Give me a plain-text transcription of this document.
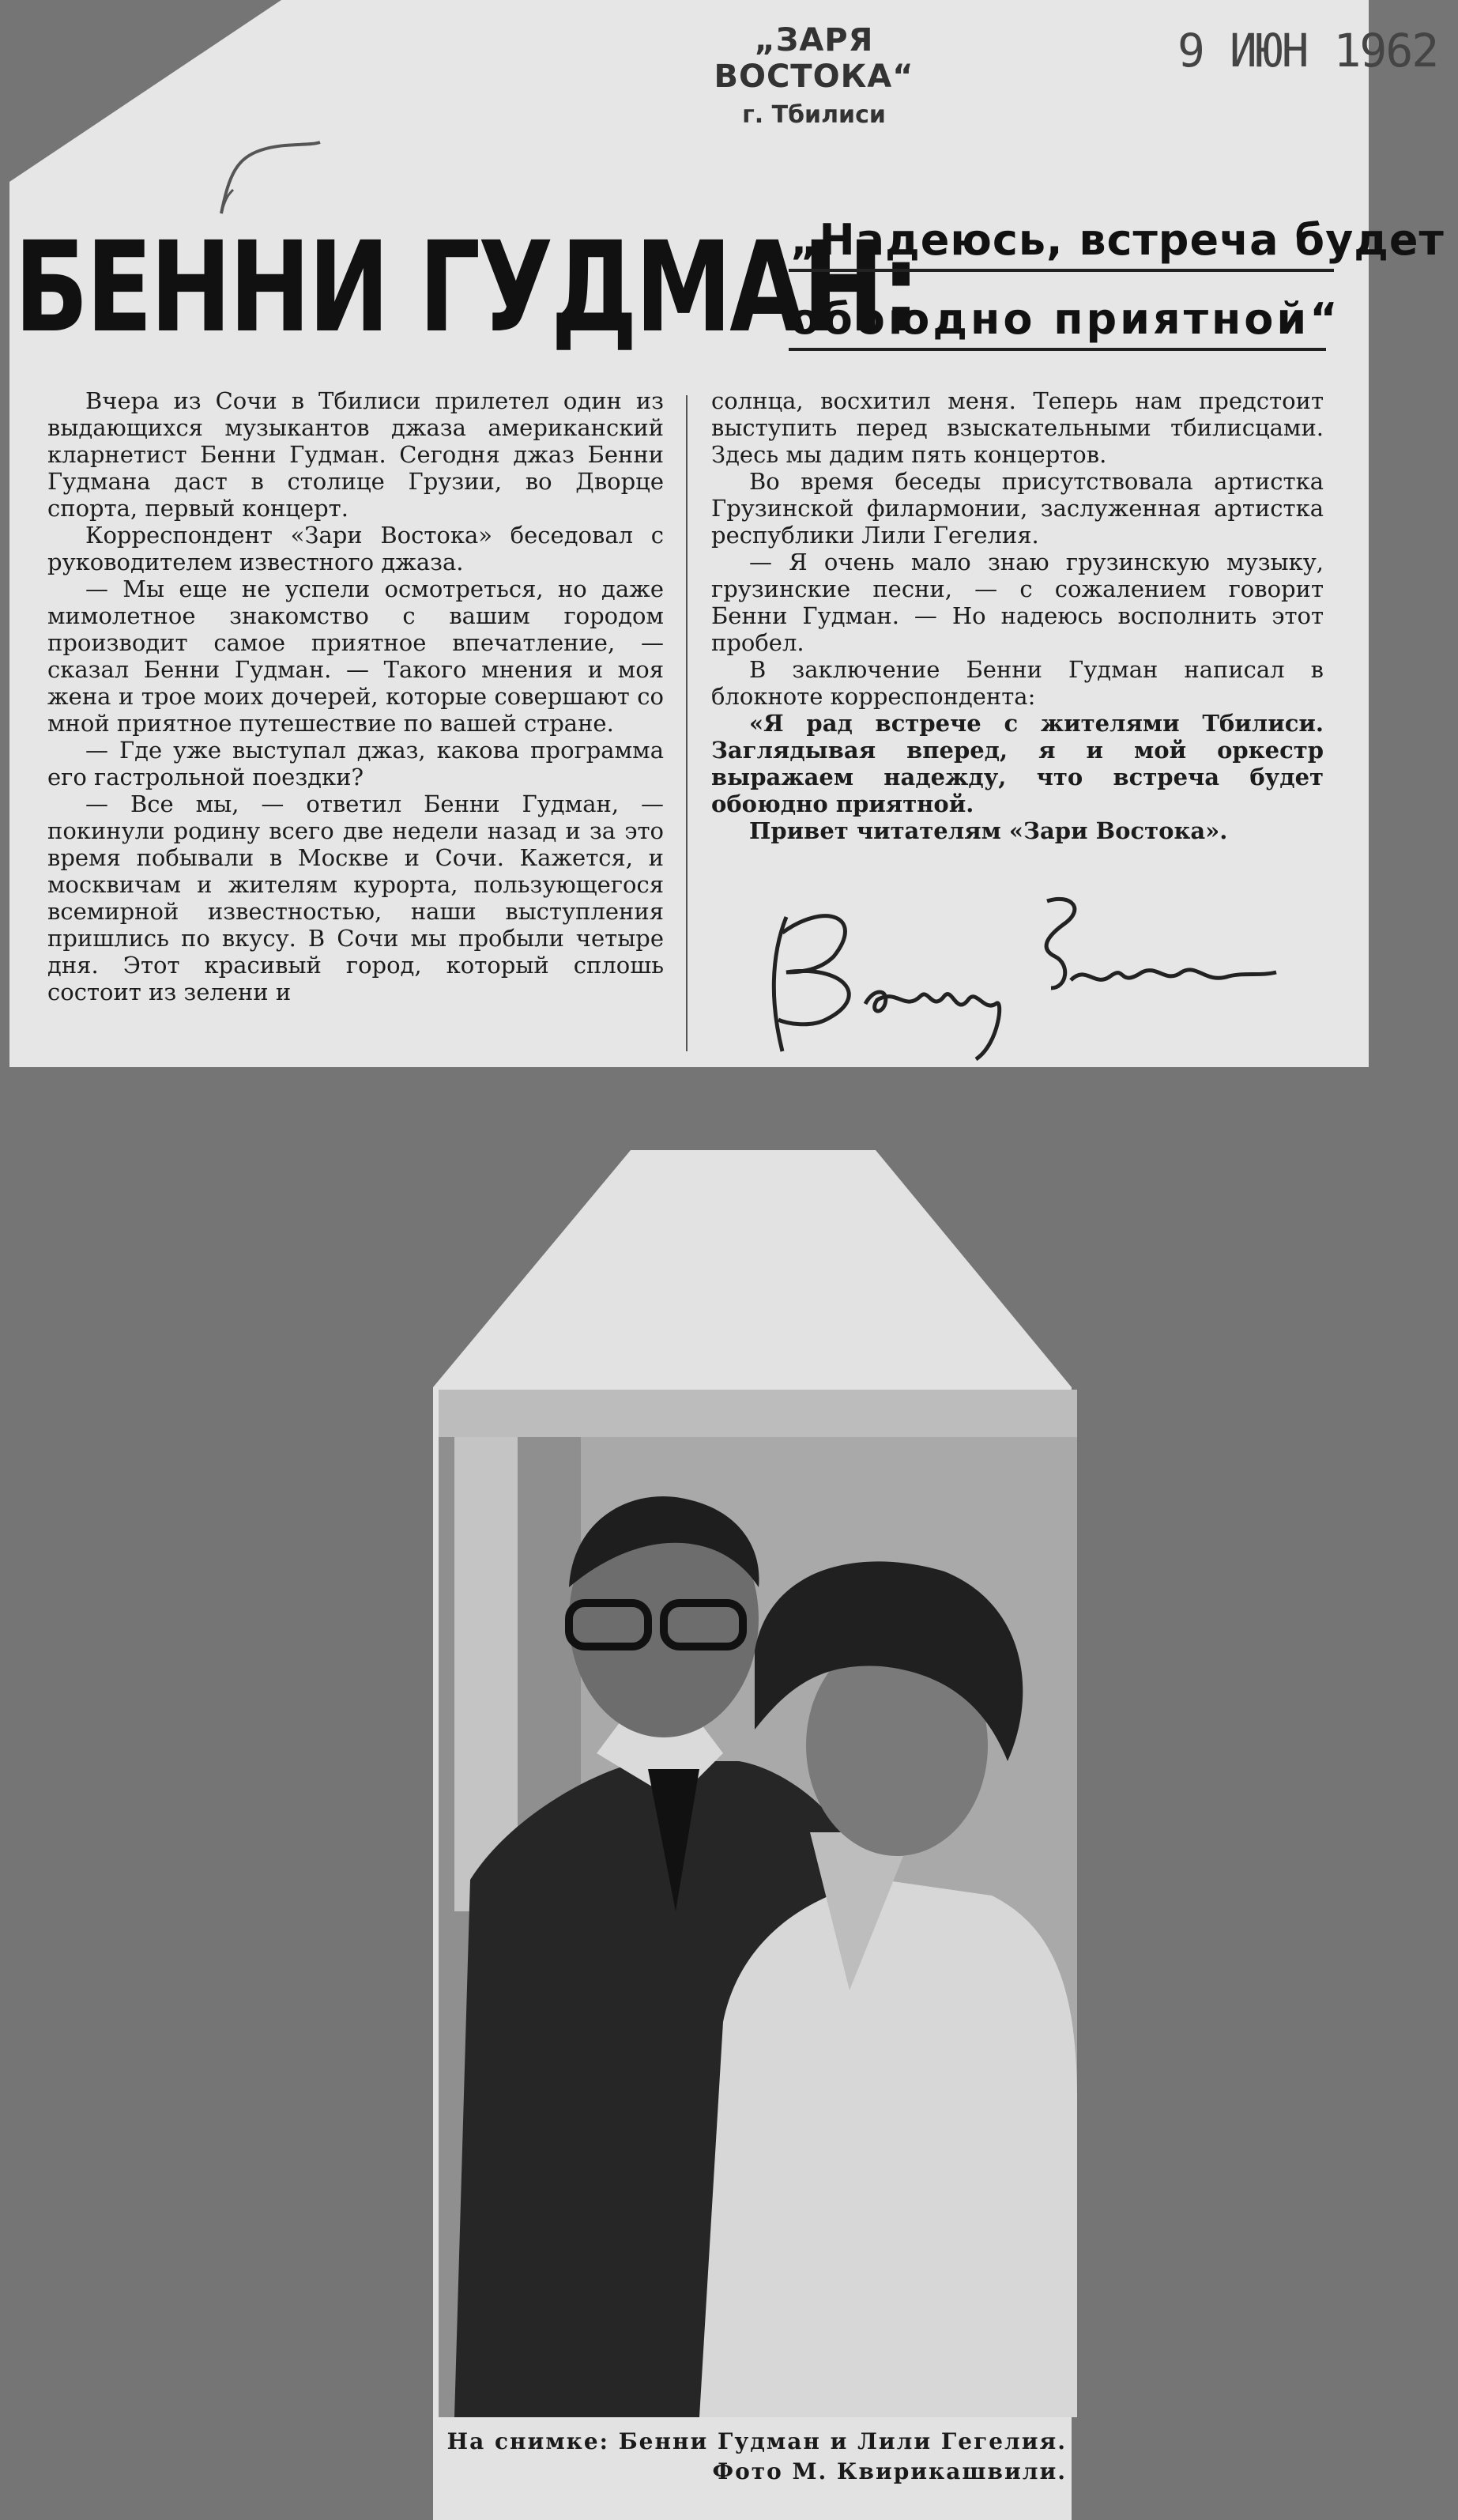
„ЗАРЯ ВОСТОКА“
г. Тбилиси
9 ИЮН 1962
БЕННИ ГУДМАН:
„Надеюсь, встреча будет
обоюдно приятной“

Вчера из Сочи в Тбилиси прилетел один из выдающихся музыкантов джаза американский кларнетист Бенни Гудман. Сегодня джаз Бенни Гудмана даст в столице Грузии, во Дворце спорта, первый концерт.

Корреспондент «Зари Востока» беседовал с руководителем известного джаза.

— Мы еще не успели осмотреться, но даже мимолетное знакомство с вашим городом производит самое приятное впечатление, — сказал Бенни Гудман. — Такого мнения и моя жена и трое моих дочерей, которые совершают со мной приятное путешествие по вашей стране.

— Где уже выступал джаз, какова программа его гастрольной поездки?

— Все мы, — ответил Бенни Гудман, — покинули родину всего две недели назад и за это время побывали в Москве и Сочи. Кажется, и москвичам и жителям курорта, пользующегося всемирной известностью, наши выступления пришлись по вкусу. В Сочи мы пробыли четыре дня. Этот красивый город, который сплошь состоит из зелени и

солнца, восхитил меня. Теперь нам предстоит выступить перед взыскательными тбилисцами. Здесь мы дадим пять концертов.

Во время беседы присутствовала артистка Грузинской филармонии, заслуженная артистка республики Лили Гегелия.

— Я очень мало знаю грузинскую музыку, грузинские песни, — с сожалением говорит Бенни Гудман. — Но надеюсь восполнить этот пробел.

В заключение Бенни Гудман написал в блокноте корреспондента:

«Я рад встрече с жителями Тбилиси. Заглядывая вперед, я и мой оркестр выражаем надежду, что встреча будет обоюдно приятной.

Привет читателям «Зари Востока».

На снимке: Бенни Гудман и Лили Гегелия.
Фото М. Квирикашвили.
